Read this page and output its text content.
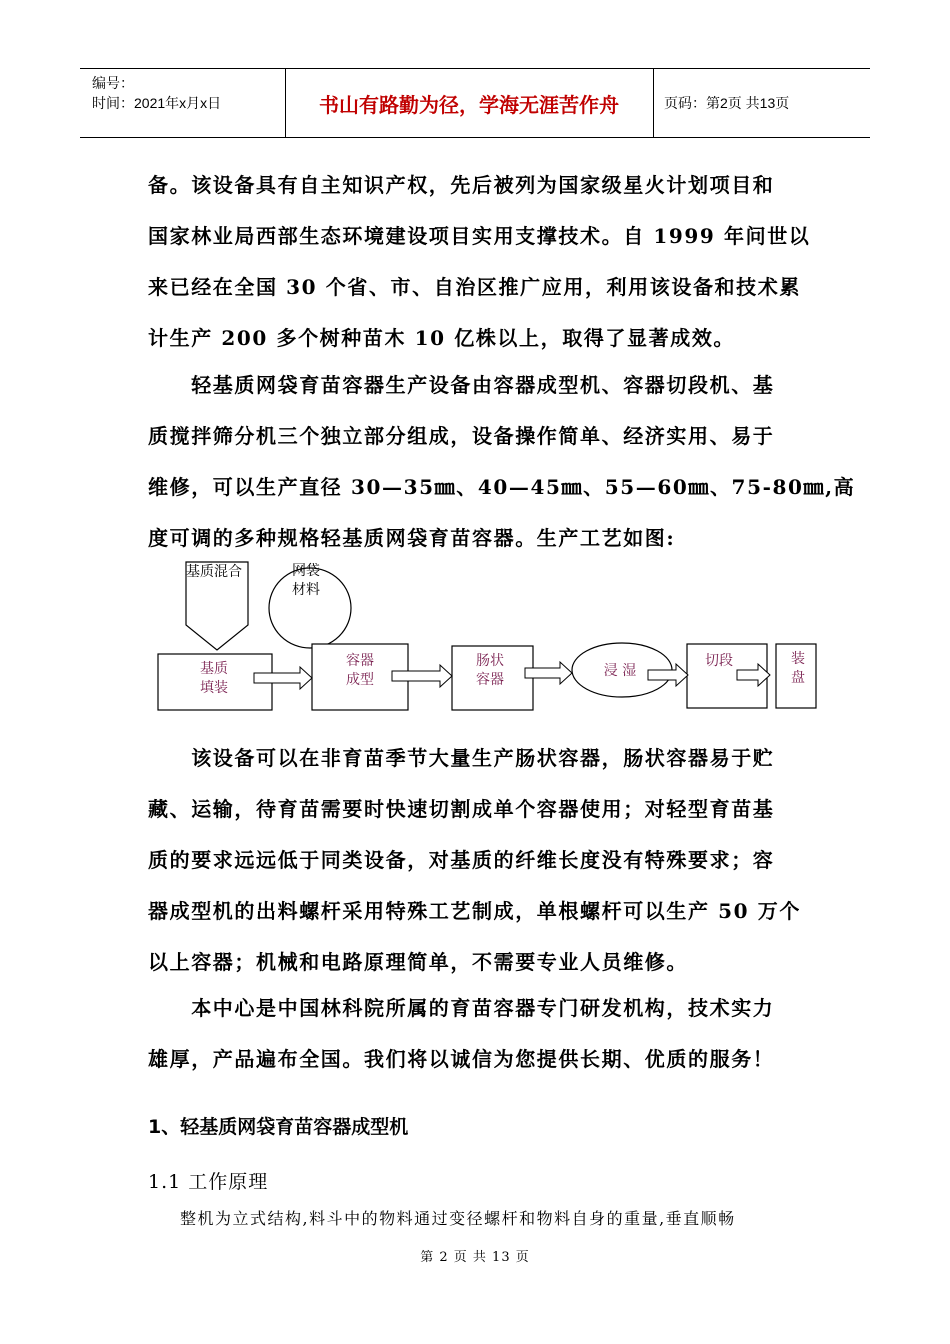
编号：
时间：2021年x月x日	书山有路勤为径，学海无涯苦作舟	页码：第2页 共13页
备。该设备具有自主知识产权，先后被列为国家级星火计划项目和
国家林业局西部生态环境建设项目实用支撑技术。自 1999 年问世以
来已经在全国 30 个省、市、自治区推广应用，利用该设备和技术累
计生产 200 多个树种苗木 10 亿株以上，取得了显著成效。
　　轻基质网袋育苗容器生产设备由容器成型机、容器切段机、基
质搅拌筛分机三个独立部分组成，设备操作简单、经济实用、易于
维修，可以生产直径 30—35㎜、40—45㎜、55—60㎜、75-80㎜,高
度可调的多种规格轻基质网袋育苗容器。生产工艺如图:
基质混合	网袋
材料
基质
填装
容器
成型
肠状
容器
浸 湿
切段	装
盘
　　该设备可以在非育苗季节大量生产肠状容器，肠状容器易于贮
藏、运输，待育苗需要时快速切割成单个容器使用；对轻型育苗基
质的要求远远低于同类设备，对基质的纤维长度没有特殊要求；容
器成型机的出料螺杆采用特殊工艺制成，单根螺杆可以生产 50 万个
以上容器；机械和电路原理简单，不需要专业人员维修。
　　本中心是中国林科院所属的育苗容器专门研发机构，技术实力
雄厚，产品遍布全国。我们将以诚信为您提供长期、优质的服务！
1、轻基质网袋育苗容器成型机
1.1 工作原理
整机为立式结构,料斗中的物料通过变径螺杆和物料自身的重量,垂直顺畅
第 2 页 共 13 页
